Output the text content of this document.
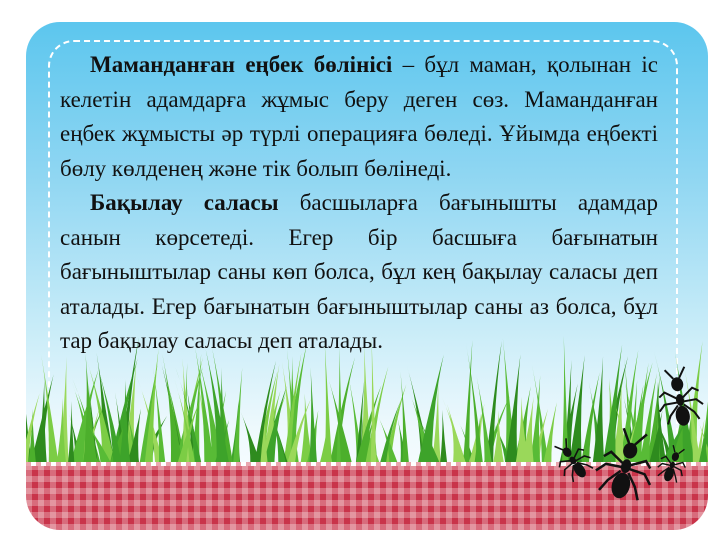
Маманданған еңбек бөлінісі – бұл маман, қолынан іс келетін адамдарға жұмыс беру деген сөз. Маманданған еңбек жұмысты әр түрлі операцияға бөледі. Ұйымда еңбекті бөлу көлденең және тік болып бөлінеді.

Бақылау саласы басшыларға бағынышты адамдар санын көрсетеді. Егер бір басшыға бағынатын бағыныштылар саны көп болса, бұл кең бақылау саласы деп аталады. Егер бағынатын бағыныштылар саны аз болса, бұл тар бақылау саласы деп аталады.
